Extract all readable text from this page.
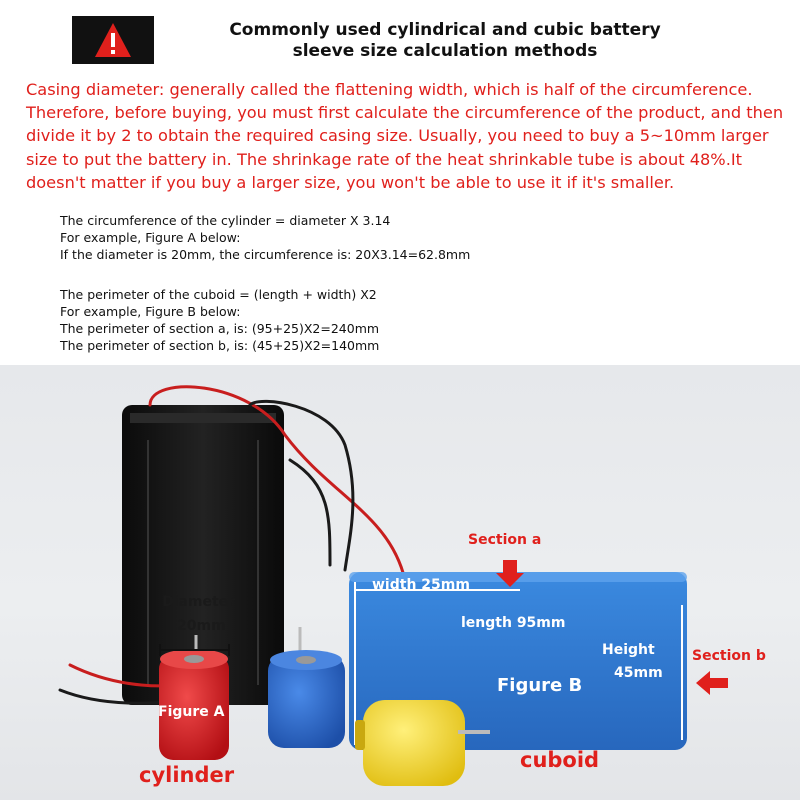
Commonly used cylindrical and cubic battery
sleeve size calculation methods

Casing diameter: generally called the flattening width, which is half of the circumference. Therefore, before buying, you must first calculate the circumference of the product, and then divide it by 2 to obtain the required casing size. Usually, you need to buy a 5~10mm larger size to put the battery in. The shrinkage rate of the heat shrinkable tube is about 48%.It doesn't matter if you buy a larger size, you won't be able to use it if it's smaller.

The circumference of the cylinder = diameter X 3.14
For example, Figure A below:
If the diameter is 20mm, the circumference is: 20X3.14=62.8mm
The perimeter of the cuboid = (length + width) X2
For example, Figure B below:
The perimeter of section a, is: (95+25)X2=240mm
The perimeter of section b, is: (45+25)X2=140mm
Diameter
20mm
Figure A
cylinder
Section a
width 25mm
length 95mm
Height
45mm
Section b
Figure B
cuboid
